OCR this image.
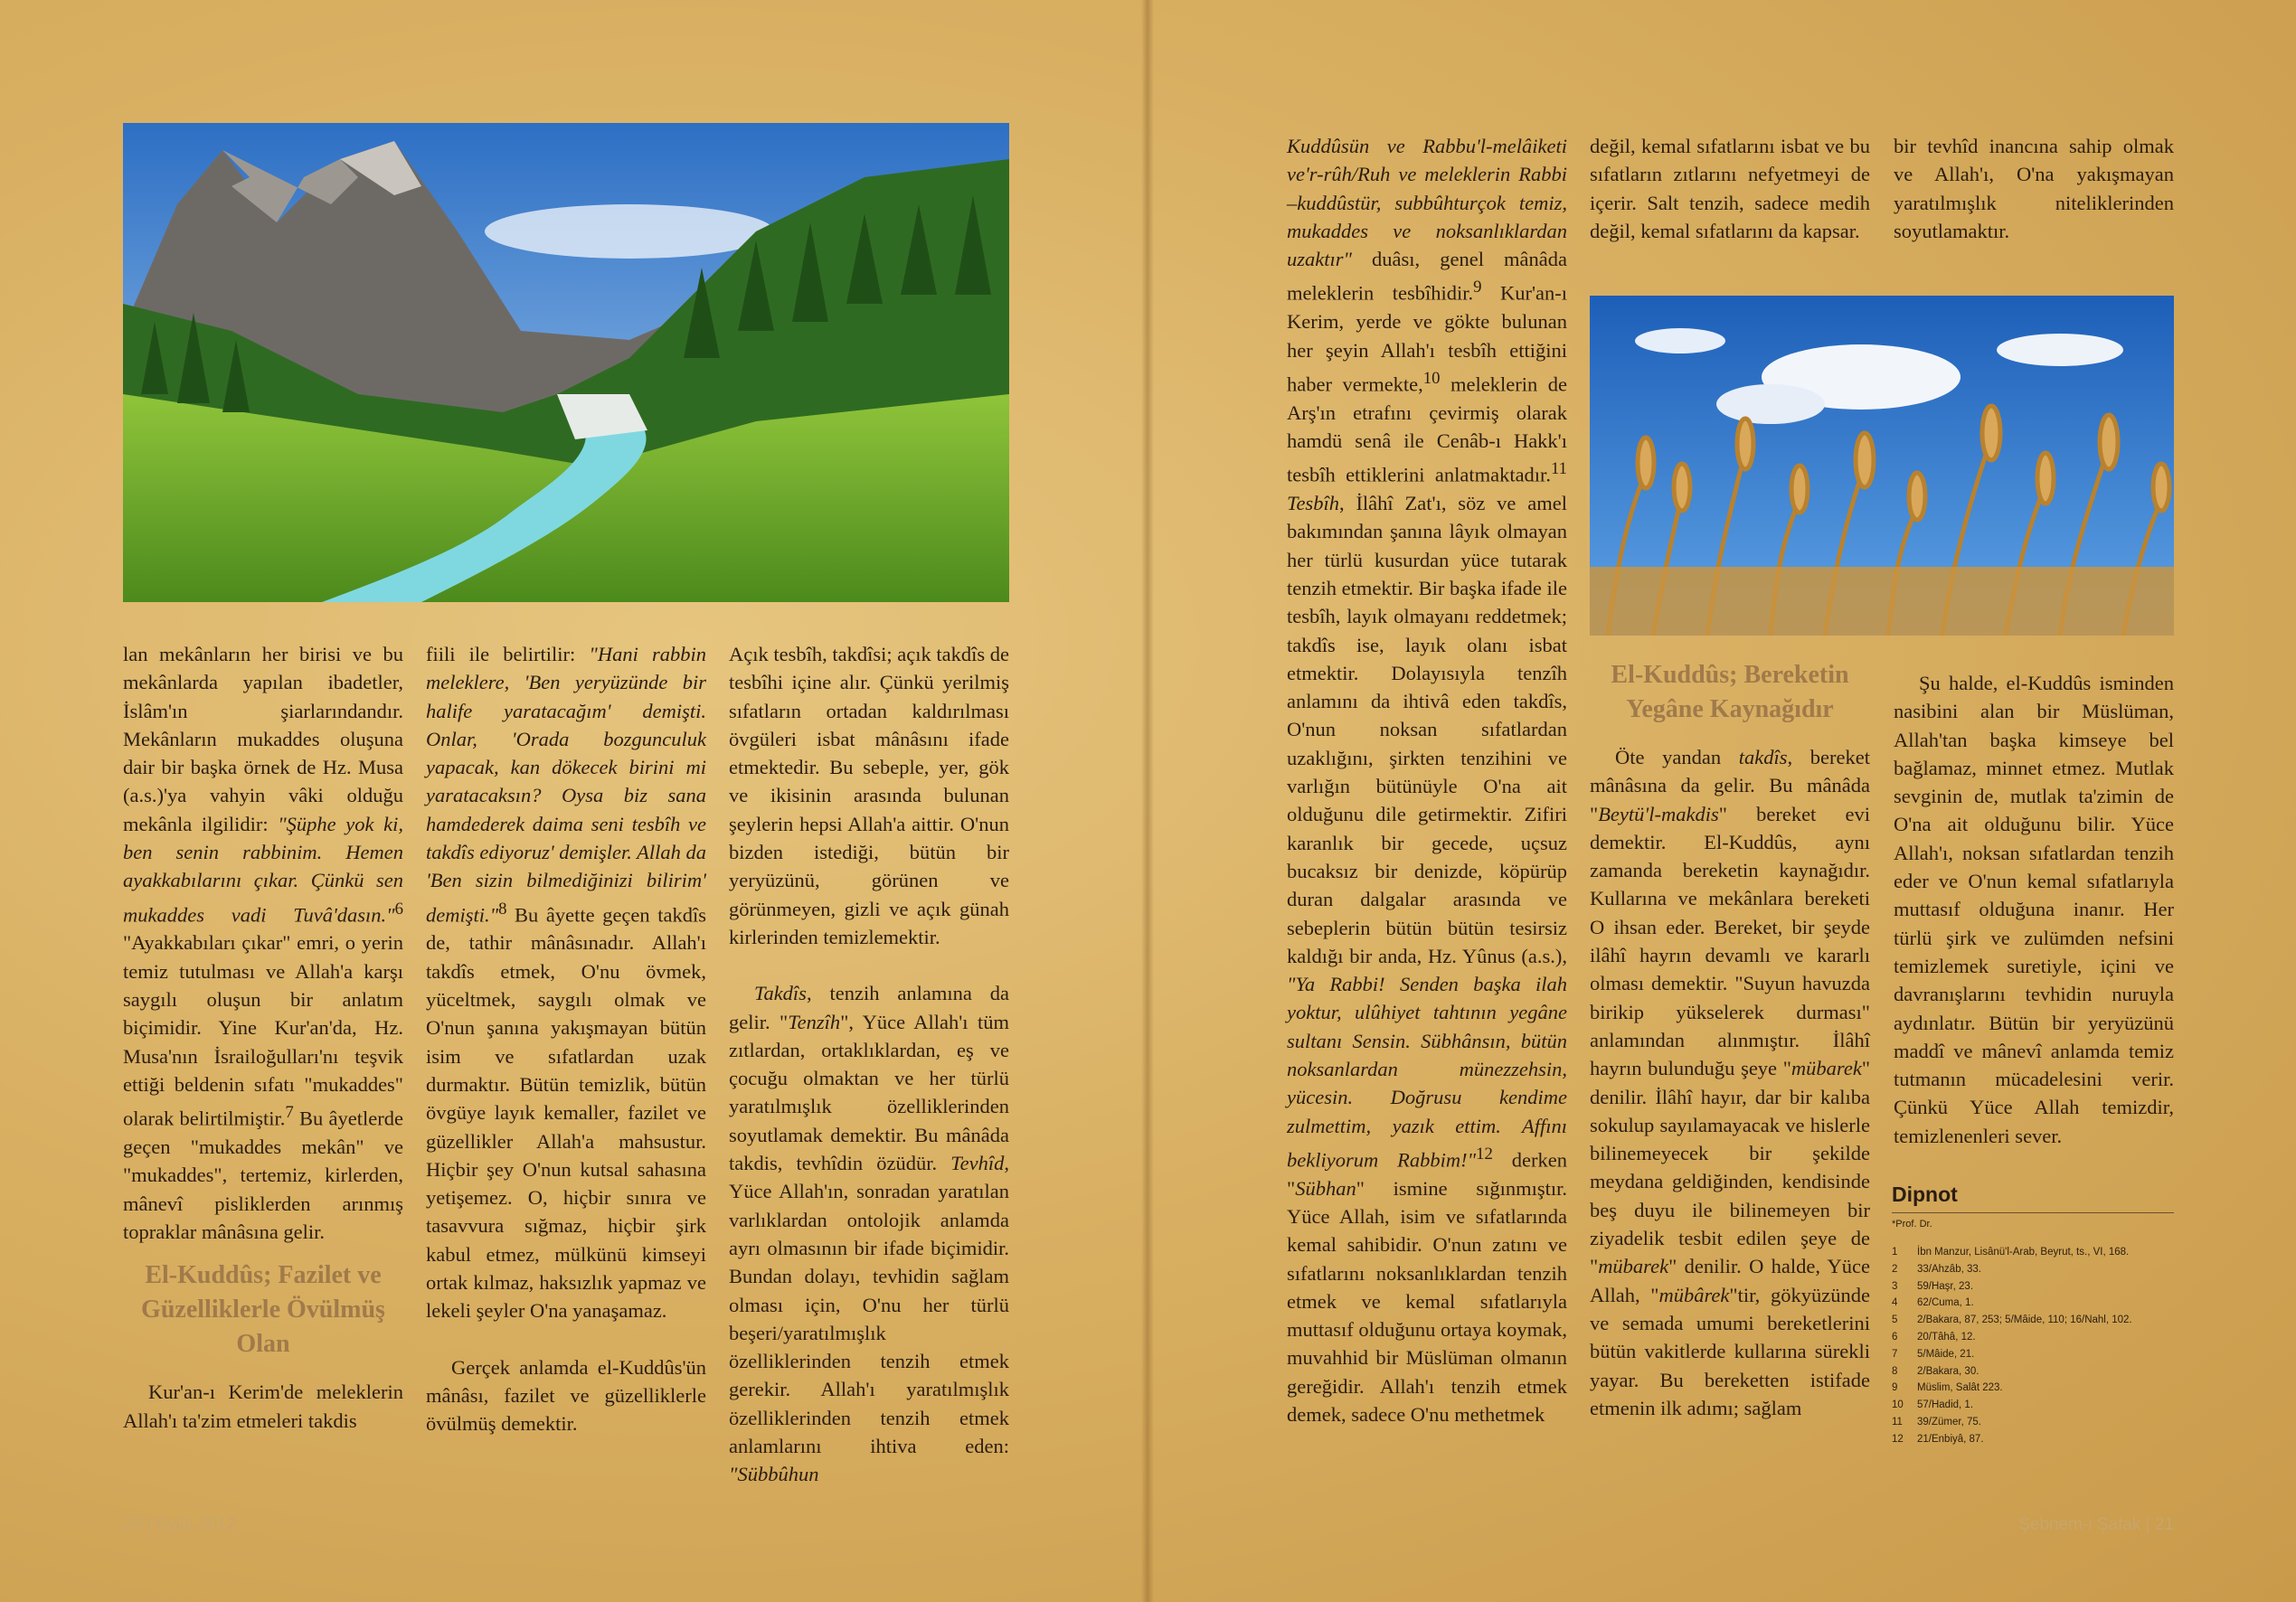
lan mekânların her birisi ve bu mekânlarda yapılan ibadetler, İslâm'ın şiarlarındandır. Mekânların mukaddes oluşuna dair bir başka örnek de Hz. Musa (a.s.)'ya vahyin vâki olduğu mekânla ilgilidir: "Şüphe yok ki, ben senin rabbinim. Hemen ayakkabılarını çıkar. Çünkü sen mukaddes vadi Tuvâ'dasın."$^6$ "Ayakkabıları çıkar" emri, o yerin temiz tutulması ve Allah'a karşı saygılı oluşun bir anlatım biçimidir. Yine Kur'an'da, Hz. Musa'nın İsrailoğulları'nı teşvik ettiği beldenin sıfatı "mukaddes" olarak belirtilmiştir.$^7$ Bu âyetlerde geçen "mukaddes mekân" ve "mukaddes", tertemiz, kirlerden, mânevî pisliklerden arınmış topraklar mânâsına gelir.

El-Kuddûs; Fazilet ve Güzelliklerle Övülmüş Olan

Kur'an-ı Kerim'de meleklerin Allah'ı ta'zim etmeleri takdis

fiili ile belirtilir: "Hani rabbin meleklere, 'Ben yeryüzünde bir halife yaratacağım' demişti. Onlar, 'Orada bozgunculuk yapacak, kan dökecek birini mi yaratacaksın? Oysa biz sana hamdederek daima seni tesbîh ve takdîs ediyoruz' demişler. Allah da 'Ben sizin bilmediğinizi bilirim' demişti."$^8$ Bu âyette geçen takdîs de, tathir mânâsınadır. Allah'ı takdîs etmek, O'nu övmek, yüceltmek, saygılı olmak ve O'nun şanına yakışmayan bütün isim ve sıfatlardan uzak durmaktır. Bütün temizlik, bütün övgüye layık kemaller, fazilet ve güzellikler Allah'a mahsustur. Hiçbir şey O'nun kutsal sahasına yetişemez. O, hiçbir sınıra ve tasavvura sığmaz, hiçbir şirk kabul etmez, mülkünü kimseyi ortak kılmaz, haksızlık yapmaz ve lekeli şeyler O'na yanaşamaz.

Gerçek anlamda el-Kuddûs'ün mânâsı, fazilet ve güzelliklerle övülmüş demektir.

Açık tesbîh, takdîsi; açık takdîs de tesbîhi içine alır. Çünkü yerilmiş sıfatların ortadan kaldırılması övgüleri isbat mânâsını ifade etmektedir. Bu sebeple, yer, gök ve ikisinin arasında bulunan şeylerin hepsi Allah'a aittir. O'nun bizden istediği, bütün bir yeryüzünü, görünen ve görünmeyen, gizli ve açık günah kirlerinden temizlemektir.

Takdîs, tenzih anlamına da gelir. "Tenzîh", Yüce Allah'ı tüm zıtlardan, ortaklıklardan, eş ve çocuğu olmaktan ve her türlü yaratılmışlık özelliklerinden soyutlamak demektir. Bu mânâda takdis, tevhîdin özüdür. Tevhîd, Yüce Allah'ın, sonradan yaratılan varlıklardan ontolojik anlamda ayrı olmasının bir ifade biçimidir. Bundan dolayı, tevhidin sağlam olması için, O'nu her türlü beşeri/yaratılmışlık özelliklerinden tenzih etmek gerekir. Allah'ı yaratılmışlık özelliklerinden tenzih etmek anlamlarını ihtiva eden: "Sübbûhun

Kuddûsün ve Rabbu'l-melâiketi ve'r-rûh/Ruh ve meleklerin Rabbi –kuddûstür, subbûhturçok temiz, mukaddes ve noksanlıklardan uzaktır" duâsı, genel mânâda meleklerin tesbîhidir.$^9$ Kur'an-ı Kerim, yerde ve gökte bulunan her şeyin Allah'ı tesbîh ettiğini haber vermekte,$^{10}$ meleklerin de Arş'ın etrafını çevirmiş olarak hamdü senâ ile Cenâb-ı Hakk'ı tesbîh ettiklerini anlatmaktadır.$^{11}$ Tesbîh, İlâhî Zat'ı, söz ve amel bakımından şanına lâyık olmayan her türlü kusurdan yüce tutarak tenzih etmektir. Bir başka ifade ile tesbîh, layık olmayanı reddetmek; takdîs ise, layık olanı isbat etmektir. Dolayısıyla tenzîh anlamını da ihtivâ eden takdîs, O'nun noksan sıfatlardan uzaklığını, şirkten tenzihini ve varlığın bütünüyle O'na ait olduğunu dile getirmektir. Zifiri karanlık bir gecede, uçsuz bucaksız bir denizde, köpürüp duran dalgalar arasında ve sebeplerin bütün bütün tesirsiz kaldığı bir anda, Hz. Yûnus (a.s.), "Ya Rabbi! Senden başka ilah yoktur, ulûhiyet tahtının yegâne sultanı Sensin. Sübhânsın, bütün noksanlardan münezzehsin, yücesin. Doğrusu kendime zulmettim, yazık ettim. Affını bekliyorum Rabbim!"$^{12}$ derken "Sübhan" ismine sığınmıştır. Yüce Allah, isim ve sıfatlarında kemal sahibidir. O'nun zatını ve sıfatlarını noksanlıklardan tenzih etmek ve kemal sıfatlarıyla muttasıf olduğunu ortaya koymak, muvahhid bir Müslüman olmanın gereğidir. Allah'ı tenzih etmek demek, sadece O'nu methetmek

değil, kemal sıfatlarını isbat ve bu sıfatların zıtlarını nefyetmeyi de içerir. Salt tenzih, sadece medih değil, kemal sıfatlarını da kapsar.

El-Kuddûs; Bereketin Yegâne Kaynağıdır

Öte yandan takdîs, bereket mânâsına da gelir. Bu mânâda "Beytü'l-makdis" bereket evi demektir. El-Kuddûs, aynı zamanda bereketin kaynağıdır. Kullarına ve mekânlara bereketi O ihsan eder. Bereket, bir şeyde ilâhî hayrın devamlı ve kararlı olması demektir. "Suyun havuzda birikip yükselerek durması" anlamından alınmıştır. İlâhî hayrın bulunduğu şeye "mübarek" denilir. İlâhî hayır, dar bir kalıba sokulup sayılamayacak ve hislerle bilinemeyecek bir şekilde meydana geldiğinden, kendisinde beş duyu ile bilinemeyen bir ziyadelik tesbit edilen şeye de "mübarek" denilir. O halde, Yüce Allah, "mübârek"tir, gökyüzünde ve semada umumi bereketlerini bütün vakitlerde kullarına sürekli yayar. Bu bereketten istifade etmenin ilk adımı; sağlam

bir tevhîd inancına sahip olmak ve Allah'ı, O'na yakışmayan yaratılmışlık niteliklerinden soyutlamaktır.

Şu halde, el-Kuddûs isminden nasibini alan bir Müslüman, Allah'tan başka kimseye bel bağlamaz, minnet etmez. Mutlak sevginin de, mutlak ta'zimin de O'na ait olduğunu bilir. Yüce Allah'ı, noksan sıfatlardan tenzih eder ve O'nun kemal sıfatlarıyla muttasıf olduğuna inanır. Her türlü şirk ve zulümden nefsini temizlemek suretiyle, içini ve davranışlarını tevhidin nuruyla aydınlatır. Bütün bir yeryüzünü maddî ve mânevî anlamda temiz tutmanın mücadelesini verir. Çünkü Yüce Allah temizdir, temizlenenleri sever.

Dipnot
*Prof. Dr.
1	İbn Manzur, Lisânü'l-Arab, Beyrut, ts., VI, 168.
2	33/Ahzâb, 33.
3	59/Haşr, 23.
4	62/Cuma, 1.
5	2/Bakara, 87, 253; 5/Mâide, 110; 16/Nahl, 102.
6	20/Tâhâ, 12.
7	5/Mâide, 21.
8	2/Bakara, 30.
9	Müslim, Salât 223.
10	57/Hadid, 1.
11	39/Zümer, 75.
12	21/Enbiyâ, 87.
20 | Eylül 2012	Şebnem-i Şafak | 21
